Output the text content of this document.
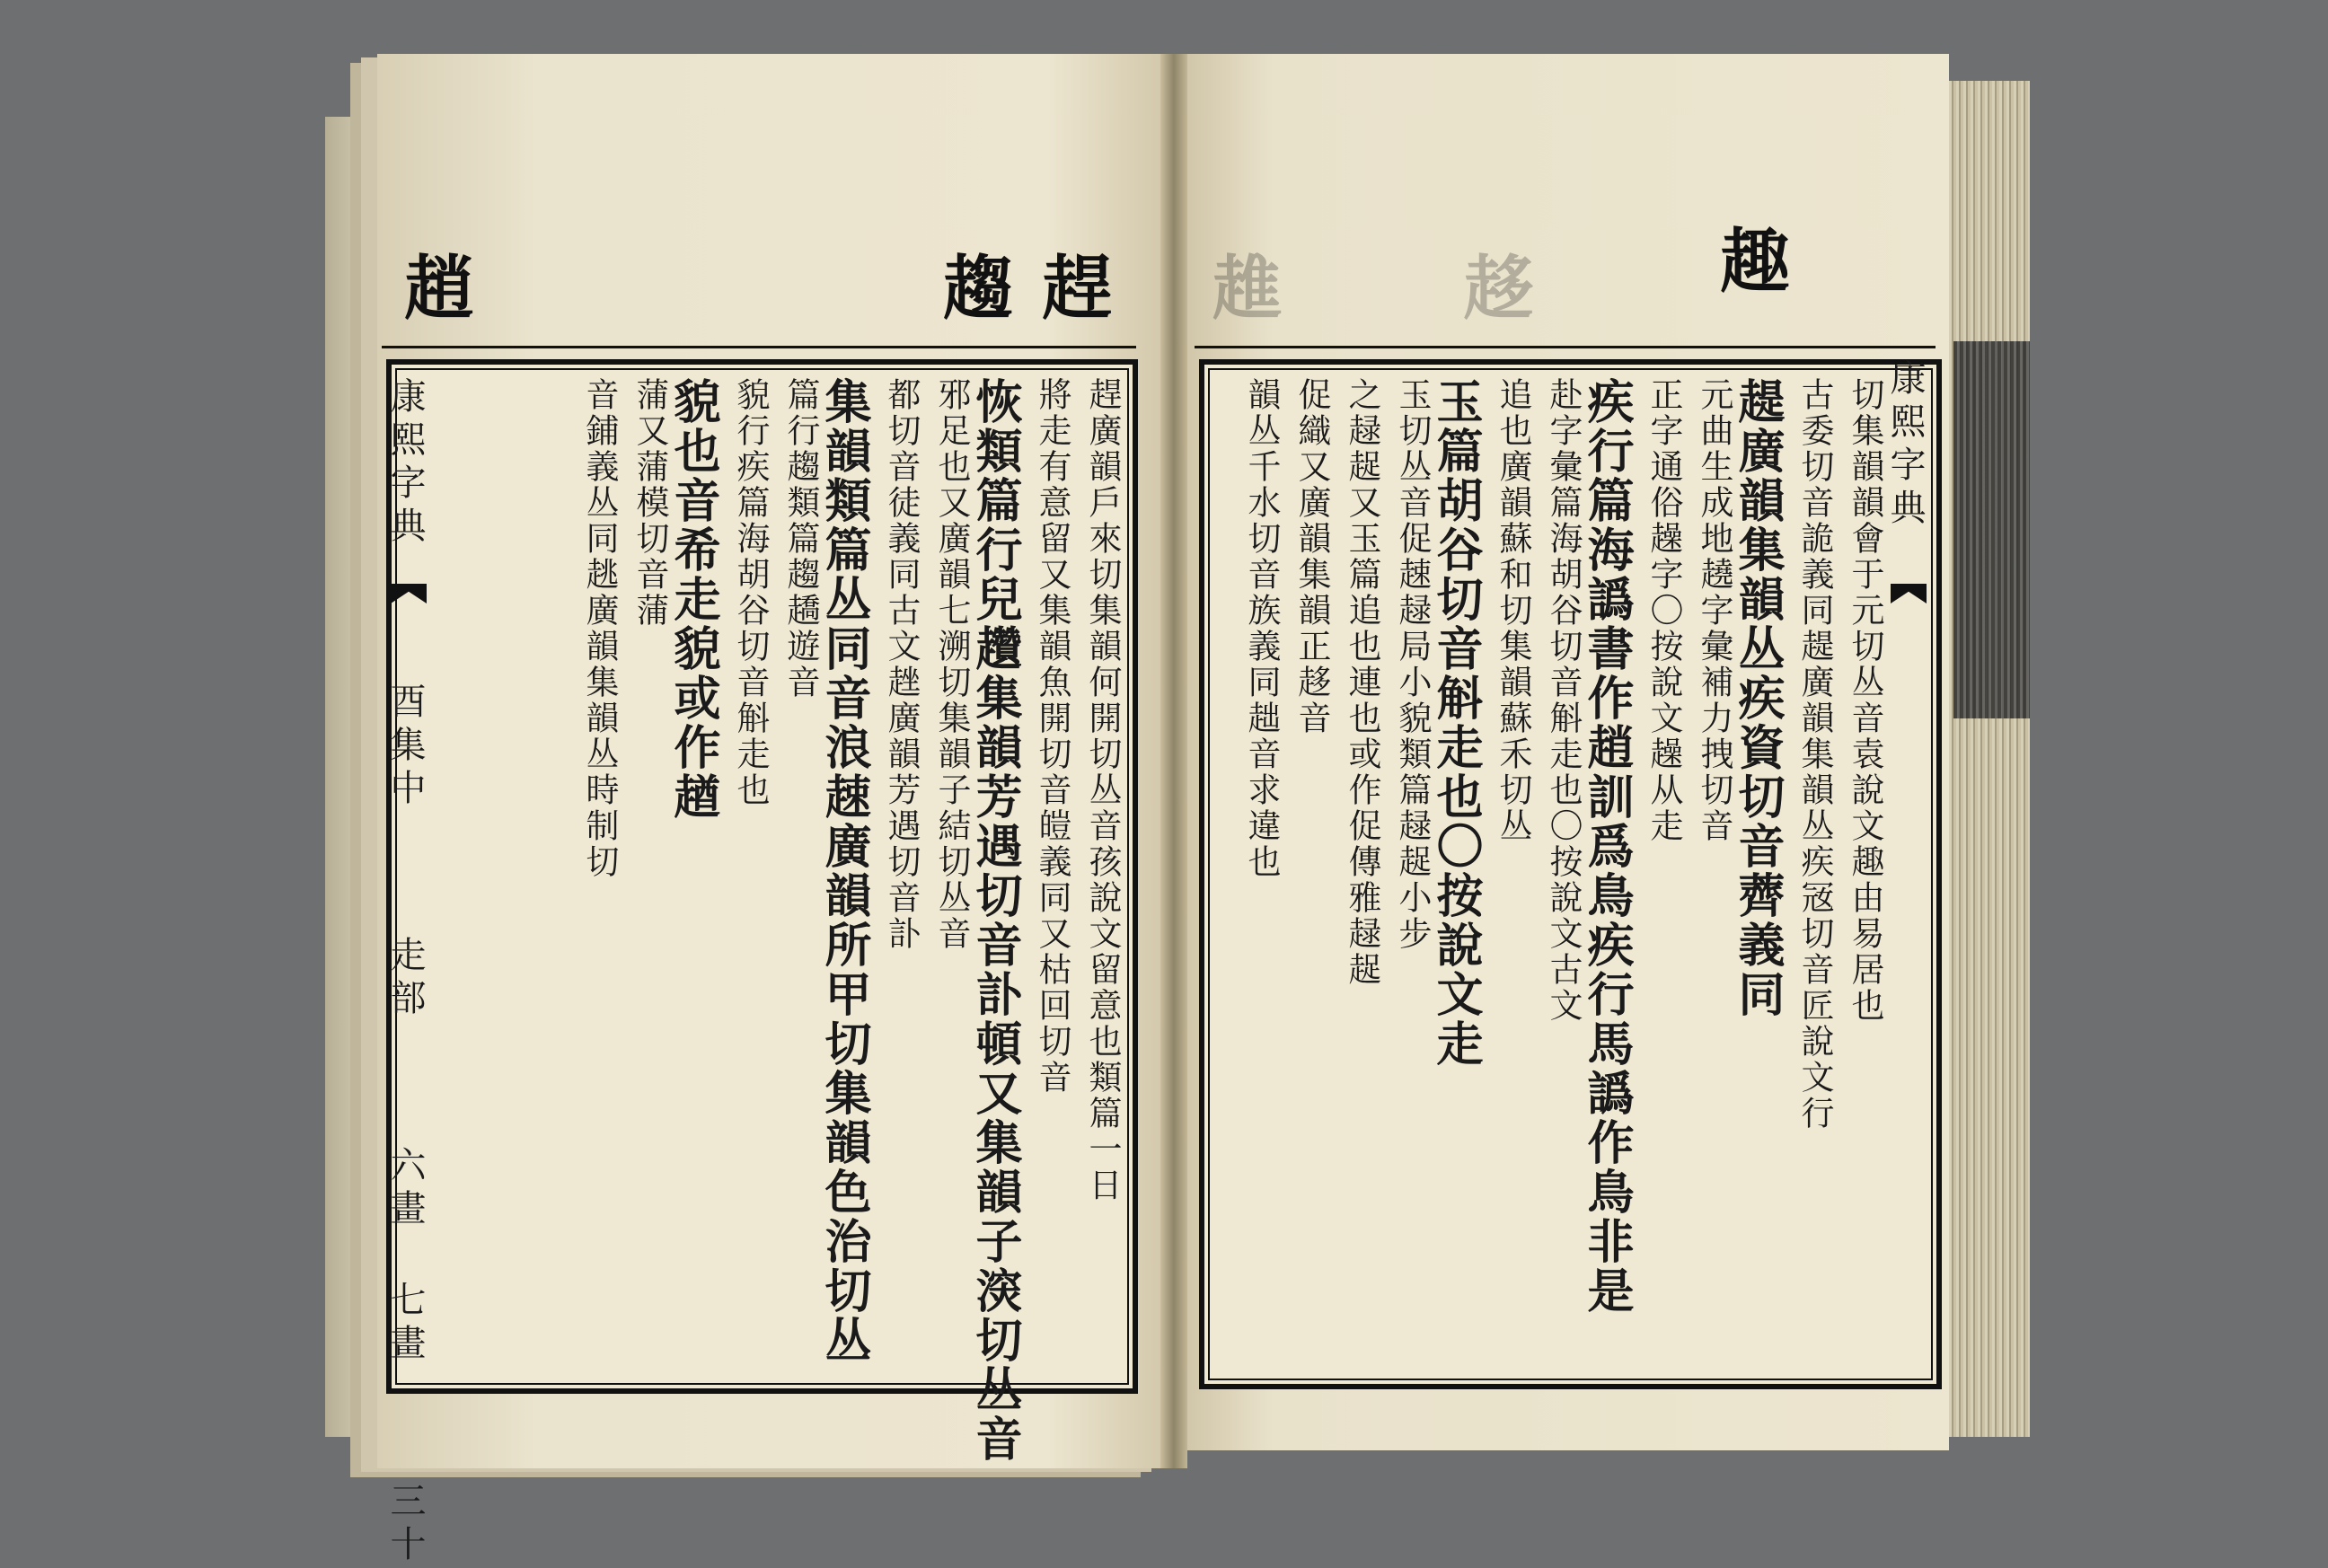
趕
趨
趙	趣
趍
趡
趕廣韻戶來切集韻何開切丛音孩說文留意也類篇一日
將走有意留又集韻魚開切音皚義同又枯回切音
恢類篇行兒趲集韻芳遇切音訃頓又集韻子㴱切丛音
邪足也又廣韻七溯切集韻子結切丛音
都切音徒義同古文趖廣韻芳遇切音訃
集韻類篇丛同音浪趚廣韻所甲切集韻色治切丛
篇行趨類篇趨趫遊音
貌行疾篇海胡谷切音斛走也
貌也音希走貌或作趥
蒲又蒲模切音蒲
音鋪義丛同趒廣韻集韻丛時制切
康熙字典  酉集中  走部  六畫 七畫  三十
切集韻韻會于元切丛音袁說文趣由易居也
古委切音詭義同趧廣韻集韻丛疾㓂切音匠說文行
趧廣韻集韻丛疾資切音薺義同
元曲生成地趬字彙補力拽切音
正字通俗趮字〇按說文趮从走
疾行篇海譌書作趙訓爲鳥疾行馬譌作鳥非是
赴字彙篇海胡谷切音斛走也〇按說文古文
追也廣韻蘇和切集韻蘇禾切丛
玉篇胡谷切音斛走也〇按說文走
玉切丛音促趚趢局小貌類篇趢趗小步
之趢趗又玉篇追也連也或作促傳雅趢趗
促織又廣韻集韻正趍音
韻丛千水切音族義同趉音求違也	康熙字典
